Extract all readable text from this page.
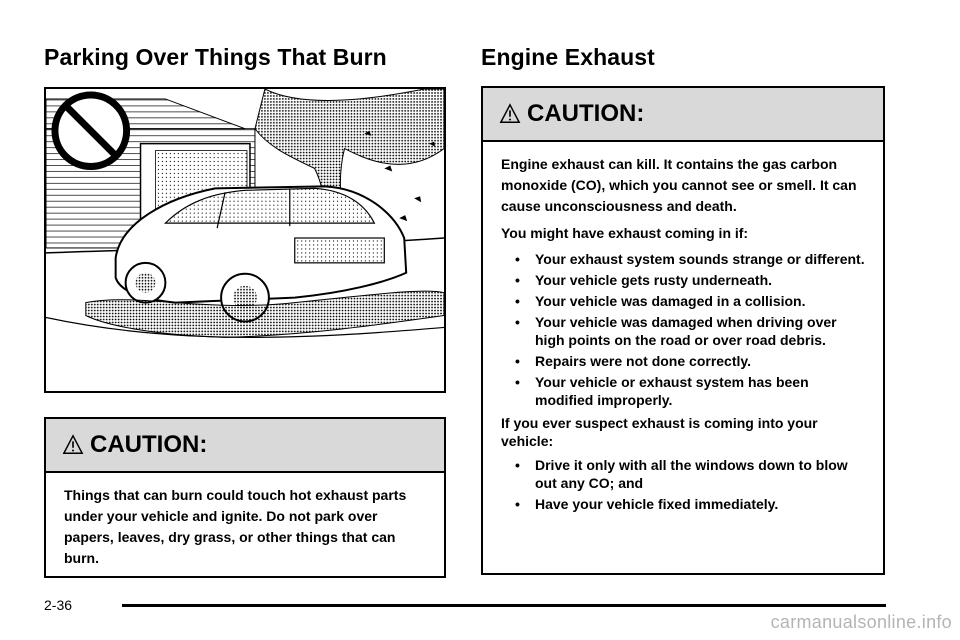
Parking Over Things That Burn	Engine Exhaust
CAUTION:

Things that can burn could touch hot exhaust parts under your vehicle and ignite. Do not park over papers, leaves, dry grass, or other things that can burn.

CAUTION:

Engine exhaust can kill. It contains the gas carbon monoxide (CO), which you cannot see or smell. It can cause unconsciousness and death.

You might have exhaust coming in if:

• Your exhaust system sounds strange or different.
• Your vehicle gets rusty underneath.
• Your vehicle was damaged in a collision.
• Your vehicle was damaged when driving over high points on the road or over road debris.
• Repairs were not done correctly.
• Your vehicle or exhaust system has been modified improperly.

If you ever suspect exhaust is coming into your vehicle:

• Drive it only with all the windows down to blow out any CO; and
• Have your vehicle fixed immediately.
2-36
carmanualsonline.info
